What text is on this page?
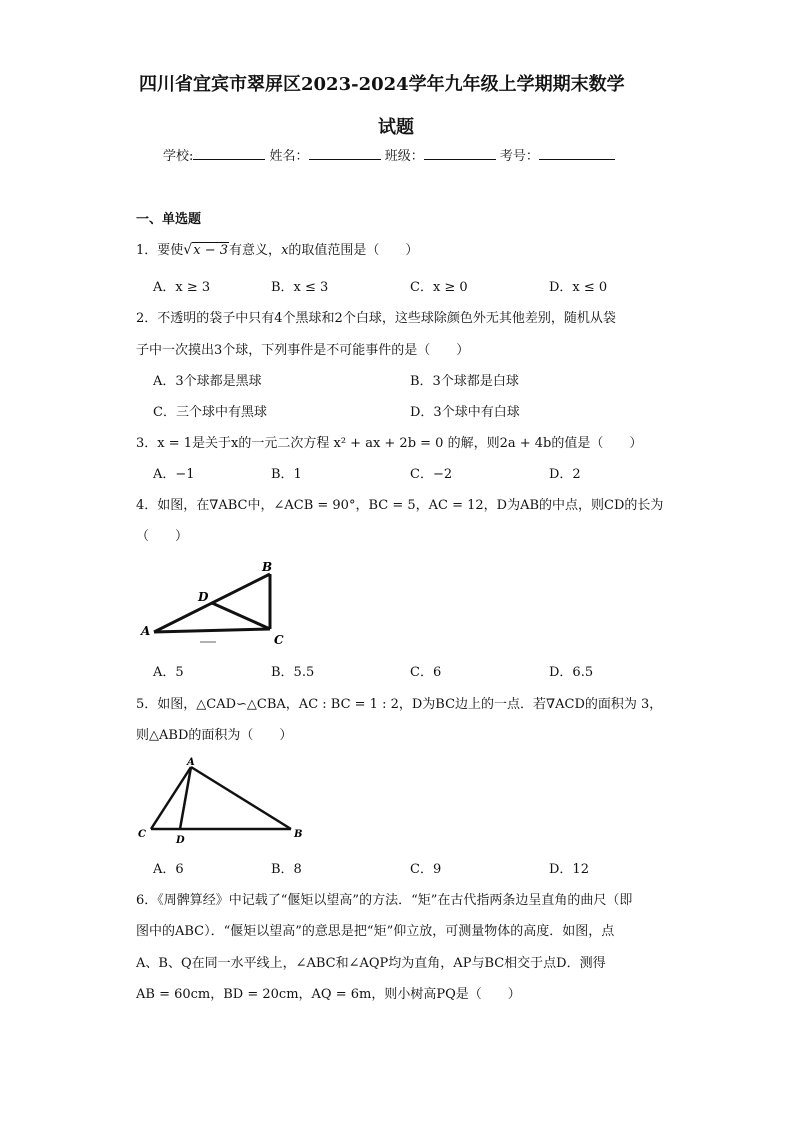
四川省宜宾市翠屏区2023-2024学年九年级上学期期末数学
试题
学校:	姓名：	班级：	考号：
一、单选题
1．要使 √ x − 3有意义，x的取值范围是（　　）
A．x ≥ 3	B．x ≤ 3	C．x ≥ 0	D．x ≤ 0
2．不透明的袋子中只有4个黑球和2个白球，这些球除颜色外无其他差别，随机从袋
子中一次摸出3个球，下列事件是不可能事件的是（　　）
A．3个球都是黑球	B．3个球都是白球
C．三个球中有黑球	D．3个球中有白球
3．x = 1是关于x的一元二次方程 x² + ax + 2b = 0 的解，则2a + 4b的值是（　　）
A．−1	B．1	C．−2	D．2
4．如图，在∇ABC中，∠ACB = 90°，BC = 5，AC = 12，D为AB的中点，则CD的长为
（　　）
A
B
C
D
A．5	B．5.5	C．6	D．6.5
5．如图，△CAD∽△CBA，AC : BC = 1 : 2，D为BC边上的一点．若∇ACD的面积为 3，
则△ABD的面积为（　　）
A
C
D
B
A．6	B．8	C．9	D．12
6．《周髀算经》中记载了“偃矩以望高”的方法．“矩”在古代指两条边呈直角的曲尺（即
图中的ABC）．“偃矩以望高”的意思是把“矩”仰立放，可测量物体的高度．如图，点
A、B、Q在同一水平线上，∠ABC和∠AQP均为直角，AP与BC相交于点D．测得
AB = 60cm，BD = 20cm，AQ = 6m，则小树高PQ是（　　）
